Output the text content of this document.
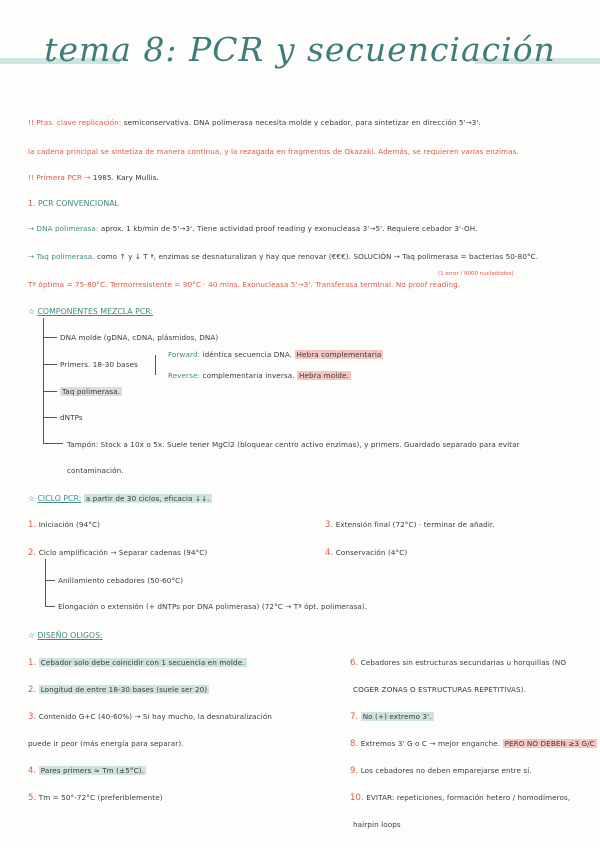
tema 8: PCR y secuenciación
!! Ptas. clave replicación: semiconservativa. DNA polimerasa necesita molde y cebador, para sintetizar en dirección 5'→3'.
la cadena principal se sintetiza de manera continua, y la rezagada en fragmentos de Okazaki. Además, se requieren varias enzimas.
!! Primera PCR → 1985. Kary Mullis.
1. PCR CONVENCIONAL
→ DNA polimerasa: aprox. 1 kb/min de 5'→3'. Tiene actividad proof reading y exonucleasa 3'→5'. Requiere cebador 3'-OH.
→ Taq polimerasa. como ↑ y ↓ T ª, enzimas se desnaturalizan y hay que renovar (€€€). SOLUCIÓN → Taq polimerasa = bacterias 50-80°C.
(1 error / 9000 nucleótidos)
Tª óptima = 75-80°C. Termorresistente = 90°C · 40 mins. Exonucleasa 5'→3'. Transferasa terminal. No proof reading.
☆ COMPONENTES MEZCLA PCR:
DNA molde (gDNA, cDNA, plásmidos, DNA)
Primers. 18-30 bases
Forward: idéntica secuencia DNA. Hebra complementaria
Reverse: complementaria inversa. Hebra molde.
Taq polimerasa.
dNTPs
Tampón: Stock a 10x o 5x. Suele tener MgCl2 (bloquear centro activo enzimas), y primers. Guardado separado para evitar
contaminación.
☆ CICLO PCR: a partir de 30 ciclos, eficacia ↓↓.
1. Iniciación (94°C)	3. Extensión final (72°C) · terminar de añadir.
2. Ciclo amplificación → Separar cadenas (94°C)	4. Conservación (4°C)
Anillamiento cebadores (50-60°C)
Elongación o extensión (+ dNTPs por DNA polimerasa) (72°C → Tª ópt. polimerasa).
☆ DISEÑO OLIGOS:
1. Cebador solo debe coincidir con 1 secuencia en molde.
2. Longitud de entre 18-30 bases (suele ser 20)
3. Contenido G+C (40-60%) → Si hay mucho, la desnaturalización
puede ir peor (más energía para separar).
4. Pares primers ≈ Tm (±5°C).
5. Tm = 50°-72°C (preferiblemente)
6. Cebadores sin estructuras secundarias u horquillas (NO
COGER ZONAS O ESTRUCTURAS REPETITIVAS).
7. No (+) extremo 3'.
8. Extremos 3' G o C → mejor enganche. PERO NO DEBEN ≥3 G/C
9. Los cebadores no deben emparejarse entre sí.
10. EVITAR: repeticiones, formación hetero / homodímeros,
hairpin loops
